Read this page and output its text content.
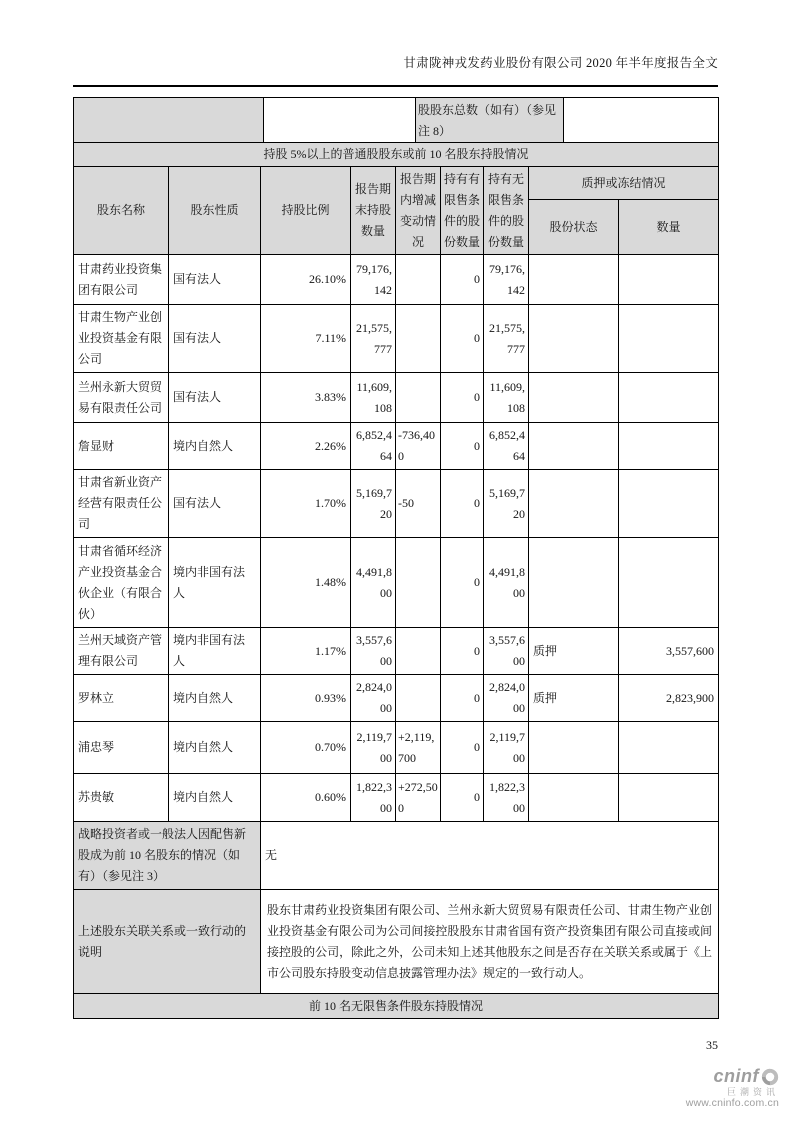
甘肃陇神戎发药业股份有限公司 2020 年半年度报告全文
		股股东总数（如有）（参见注 8）	
持股 5%以上的普通股股东或前 10 名股东持股情况								
股东名称	股东性质	持股比例	报告期末持股数量	报告期内增减变动情况	持有有限售条件的股份数量	持有无限售条件的股份数量	质押或冻结情况	
							股份状态	数量
甘肃药业投资集团有限公司	国有法人	26.10%	79,176,142		0	79,176,142		
甘肃生物产业创业投资基金有限公司	国有法人	7.11%	21,575,777		0	21,575,777		
兰州永新大贸贸易有限责任公司	国有法人	3.83%	11,609,108		0	11,609,108		
詹显财	境内自然人	2.26%	6,852,464	-736,400	0	6,852,464		
甘肃省新业资产经营有限责任公司	国有法人	1.70%	5,169,720	-50	0	5,169,720		
甘肃省循环经济产业投资基金合伙企业（有限合伙）	境内非国有法人	1.48%	4,491,800		0	4,491,800		
兰州天域资产管理有限公司	境内非国有法人	1.17%	3,557,600		0	3,557,600	质押	3,557,600
罗林立	境内自然人	0.93%	2,824,000		0	2,824,000	质押	2,823,900
浦忠琴	境内自然人	0.70%	2,119,700	+2,119,700	0	2,119,700		
苏贵敏	境内自然人	0.60%	1,822,300	+272,500	0	1,822,300		
战略投资者或一般法人因配售新股成为前 10 名股东的情况（如有）（参见注 3）		无						
上述股东关联关系或一致行动的说明		股东甘肃药业投资集团有限公司、兰州永新大贸贸易有限责任公司、甘肃生物产业创业投资基金有限公司为公司间接控股股东甘肃省国有资产投资集团有限公司直接或间接控股的公司，除此之外，公司未知上述其他股东之间是否存在关联关系或属于《上市公司股东持股变动信息披露管理办法》规定的一致行动人。						
前 10 名无限售条件股东持股情况								
35
cninf
巨潮资讯
www.cninfo.com.cn
